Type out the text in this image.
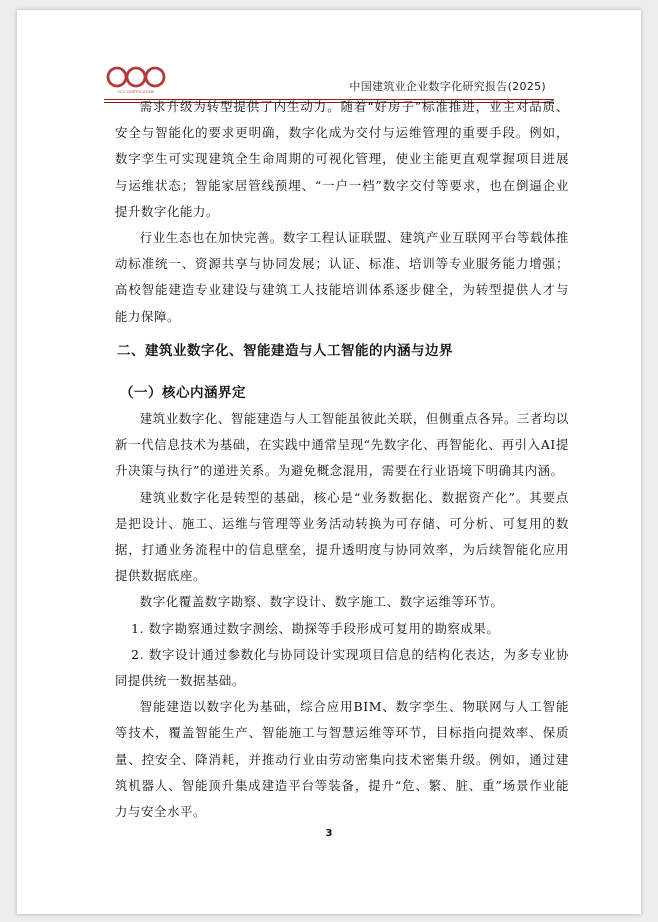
CCC CERTIFICATION	中国建筑业企业数字化研究报告(2025)

需求升级为转型提供了内生动力。随着“好房子”标准推进，业主对品质、安全与智能化的要求更明确，数字化成为交付与运维管理的重要手段。例如，数字孪生可实现建筑全生命周期的可视化管理，使业主能更直观掌握项目进展与运维状态；智能家居管线预埋、“一户一档”数字交付等要求，也在倒逼企业提升数字化能力。

行业生态也在加快完善。数字工程认证联盟、建筑产业互联网平台等载体推动标准统一、资源共享与协同发展；认证、标准、培训等专业服务能力增强；高校智能建造专业建设与建筑工人技能培训体系逐步健全，为转型提供人才与能力保障。

二、建筑业数字化、智能建造与人工智能的内涵与边界
（一）核心内涵界定

建筑业数字化、智能建造与人工智能虽彼此关联，但侧重点各异。三者均以新一代信息技术为基础，在实践中通常呈现“先数字化、再智能化、再引入AI提升决策与执行”的递进关系。为避免概念混用，需要在行业语境下明确其内涵。

建筑业数字化是转型的基础，核心是“业务数据化、数据资产化”。其要点是把设计、施工、运维与管理等业务活动转换为可存储、可分析、可复用的数据，打通业务流程中的信息壁垒，提升透明度与协同效率，为后续智能化应用提供数据底座。

数字化覆盖数字勘察、数字设计、数字施工、数字运维等环节。

1. 数字勘察通过数字测绘、勘探等手段形成可复用的勘察成果。

2. 数字设计通过参数化与协同设计实现项目信息的结构化表达，为多专业协同提供统一数据基础。

智能建造以数字化为基础，综合应用BIM、数字孪生、物联网与人工智能等技术，覆盖智能生产、智能施工与智慧运维等环节，目标指向提效率、保质量、控安全、降消耗，并推动行业由劳动密集向技术密集升级。例如，通过建筑机器人、智能顶升集成建造平台等装备，提升“危、繁、脏、重”场景作业能力与安全水平。

3
